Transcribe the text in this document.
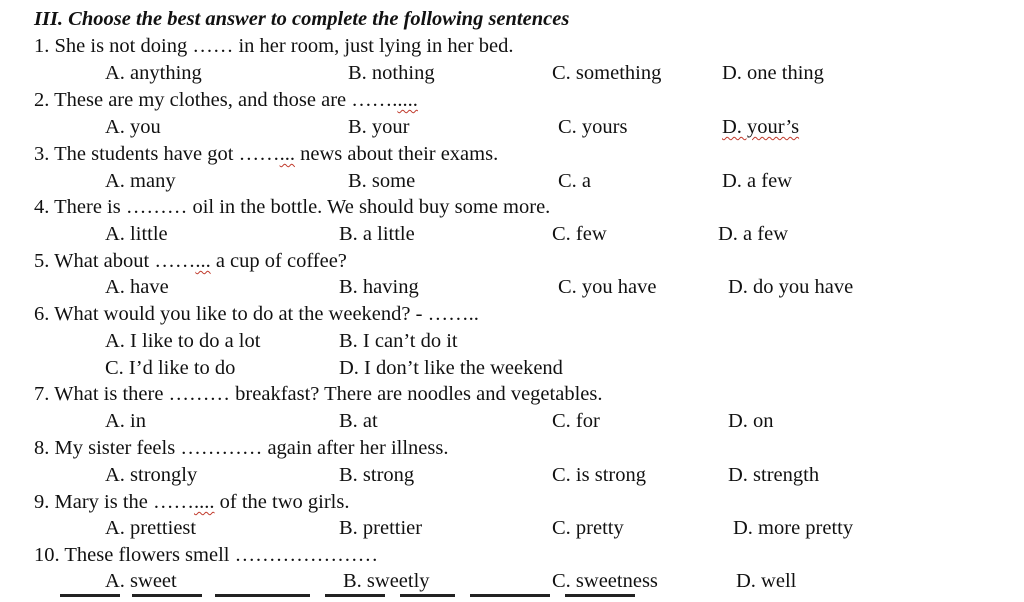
III. Choose the best answer to complete the following sentences
1. She is not doing …… in her room, just lying in her bed.
A. anything	B. nothing	C. something	D. one thing
2. These are my clothes, and those are …….....
A. you	B. your	C. yours	D. your’s
3. The students have got ……... news about their exams.
A. many	B. some	C. a	D. a few
4. There is ……… oil in the bottle. We should buy some more.
A. little	B. a little	C. few	D. a few
5. What about ……... a cup of coffee?
A. have	B. having	C. you have	D. do you have
6. What would you like to do at the weekend? - ……..
A. I like to do a lot	B. I can’t do it
C. I’d like to do	D. I don’t like the weekend
7. What is there ……… breakfast? There are noodles and vegetables.
A. in	B. at	C. for	D. on
8. My sister feels ………… again after her illness.
A. strongly	B. strong	C. is strong	D. strength
9. Mary is the …….... of the two girls.
A. prettiest	B. prettier	C. pretty	D. more pretty
10. These flowers smell …………………
A. sweet	B. sweetly	C. sweetness	D. well
